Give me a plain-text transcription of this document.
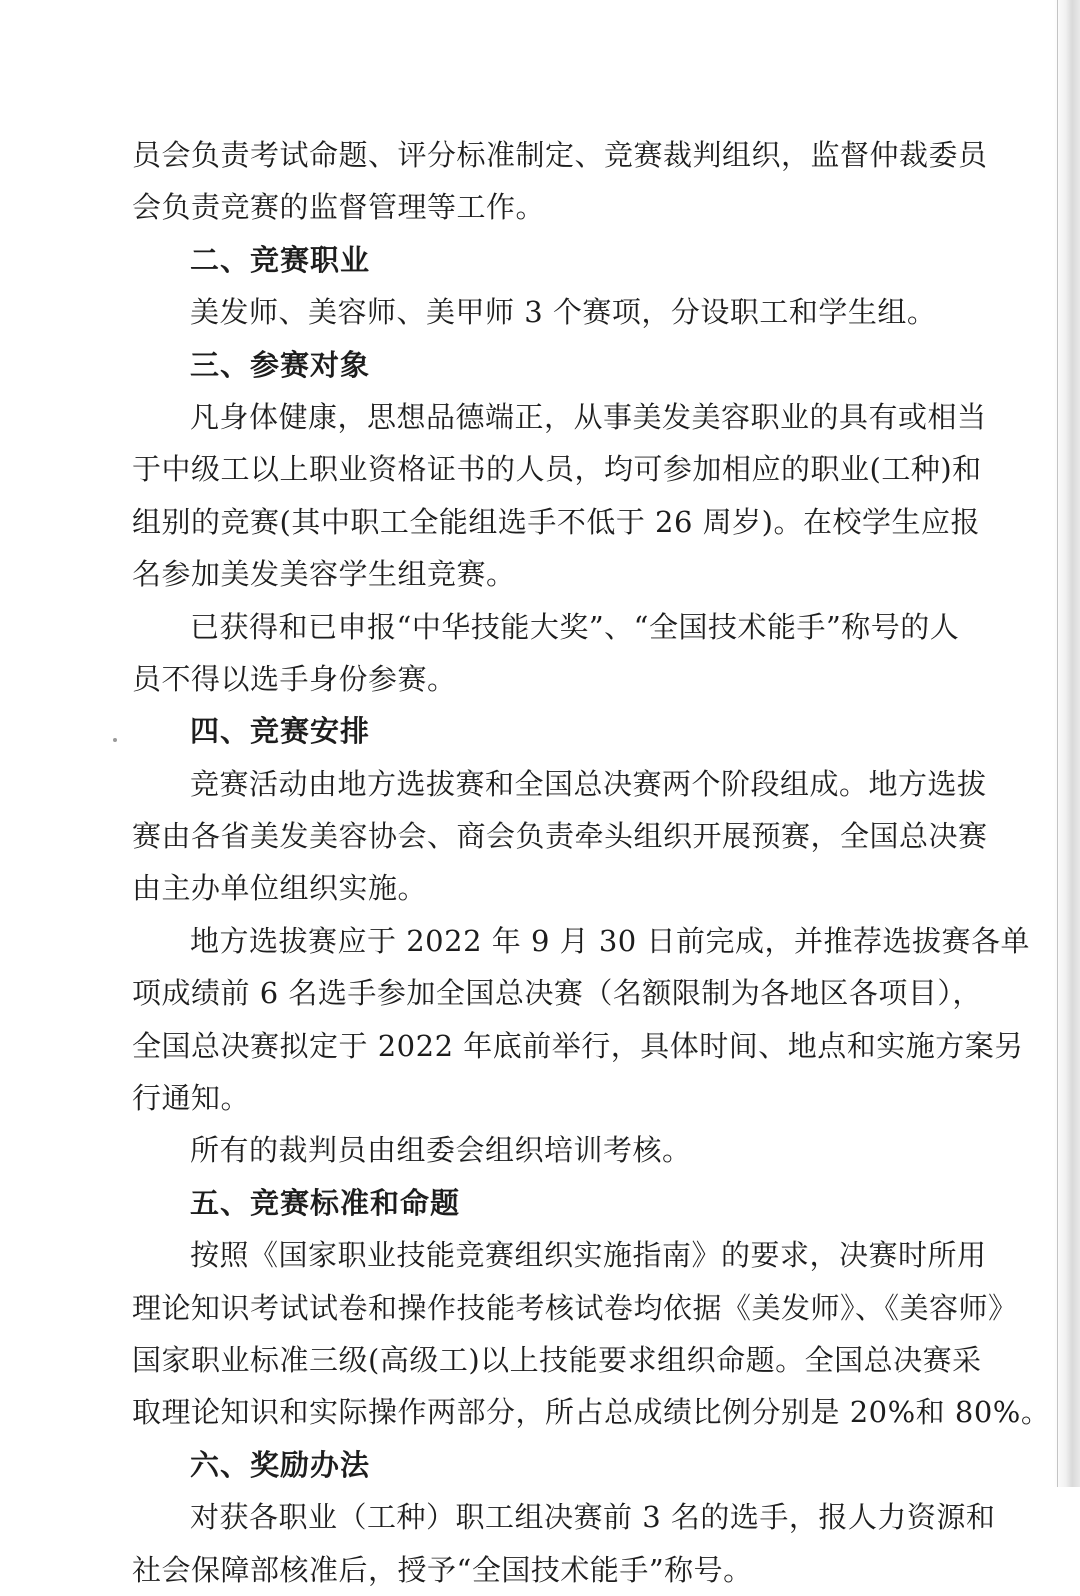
员会负责考试命题、评分标准制定、竞赛裁判组织，监督仲裁委员
会负责竞赛的监督管理等工作。
二、竞赛职业
美发师、美容师、美甲师 3 个赛项，分设职工和学生组。
三、参赛对象
凡身体健康，思想品德端正，从事美发美容职业的具有或相当
于中级工以上职业资格证书的人员，均可参加相应的职业(工种)和
组别的竞赛(其中职工全能组选手不低于 26 周岁)。在校学生应报
名参加美发美容学生组竞赛。
已获得和已申报“中华技能大奖”、“全国技术能手”称号的人
员不得以选手身份参赛。
四、竞赛安排
竞赛活动由地方选拔赛和全国总决赛两个阶段组成。地方选拔
赛由各省美发美容协会、商会负责牵头组织开展预赛，全国总决赛
由主办单位组织实施。
地方选拔赛应于 2022 年 9 月 30 日前完成，并推荐选拔赛各单
项成绩前 6 名选手参加全国总决赛（名额限制为各地区各项目），
全国总决赛拟定于 2022 年底前举行，具体时间、地点和实施方案另
行通知。
所有的裁判员由组委会组织培训考核。
五、竞赛标准和命题
按照《国家职业技能竞赛组织实施指南》的要求，决赛时所用
理论知识考试试卷和操作技能考核试卷均依据《美发师》、《美容师》
国家职业标准三级(高级工)以上技能要求组织命题。全国总决赛采
取理论知识和实际操作两部分，所占总成绩比例分别是 20%和 80%。
六、奖励办法
对获各职业（工种）职工组决赛前 3 名的选手，报人力资源和
社会保障部核准后，授予“全国技术能手”称号。
